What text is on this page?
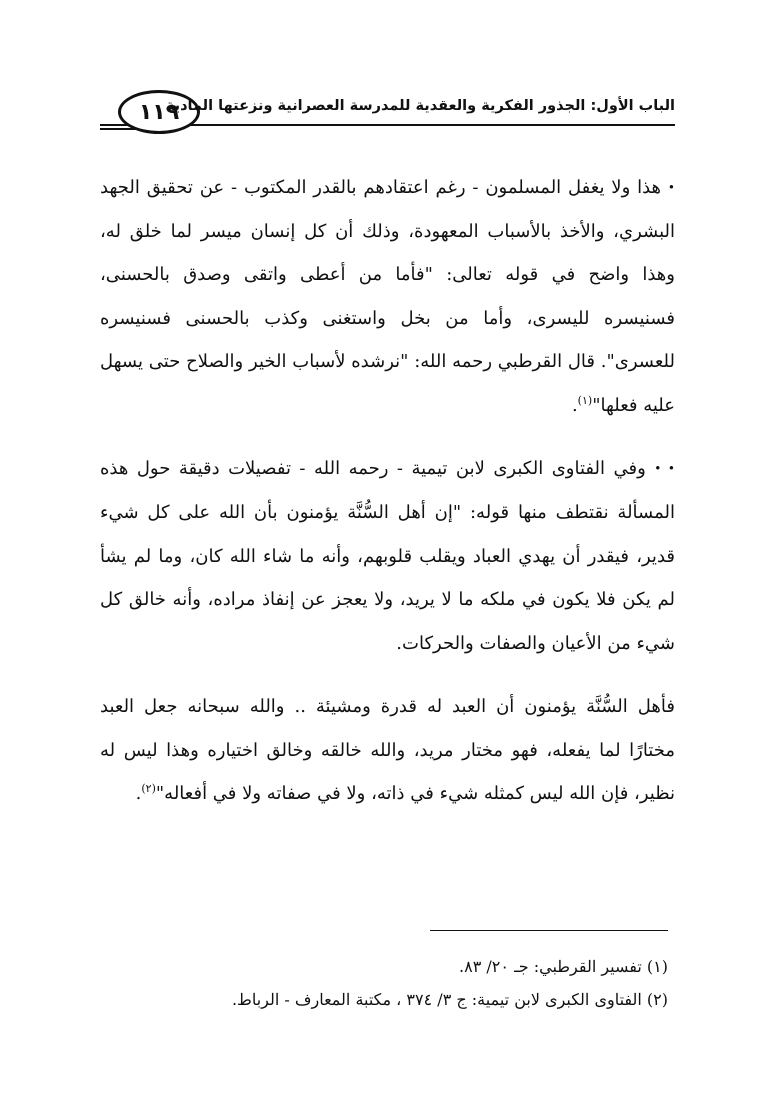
١١٩
الباب الأول: الجذور الفكرية والعقدية للمدرسة العصرانية ونزعتها المادية

• هذا ولا يغفل المسلمون - رغم اعتقادهم بالقدر المكتوب - عن تحقيق الجهد البشري، والأخذ بالأسباب المعهودة، وذلك أن كل إنسان ميسر لما خلق له، وهذا واضح في قوله تعالى: "فأما من أعطى واتقى وصدق بالحسنى، فسنيسره لليسرى، وأما من بخل واستغنى وكذب بالحسنى فسنيسره للعسرى". قال القرطبي رحمه الله: "نرشده لأسباب الخير والصلاح حتى يسهل عليه فعلها"$^{(١)}$.

• • وفي الفتاوى الكبرى لابن تيمية - رحمه الله - تفصيلات دقيقة حول هذه المسألة نقتطف منها قوله: "إن أهل السُّنَّة يؤمنون بأن الله على كل شيء قدير، فيقدر أن يهدي العباد ويقلب قلوبهم، وأنه ما شاء الله كان، وما لم يشأ لم يكن فلا يكون في ملكه ما لا يريد، ولا يعجز عن إنفاذ مراده، وأنه خالق كل شيء من الأعيان والصفات والحركات.

فأهل السُّنَّة يؤمنون أن العبد له قدرة ومشيئة .. والله سبحانه جعل العبد مختارًا لما يفعله، فهو مختار مريد، والله خالقه وخالق اختياره وهذا ليس له نظير، فإن الله ليس كمثله شيء في ذاته، ولا في صفاته ولا في أفعاله"$^{(٢)}$.

(١) تفسير القرطبي: جـ ٢٠/ ٨٣.

(٢) الفتاوى الكبرى لابن تيمية: ج ٣/ ٣٧٤ ، مكتبة المعارف - الرباط.
